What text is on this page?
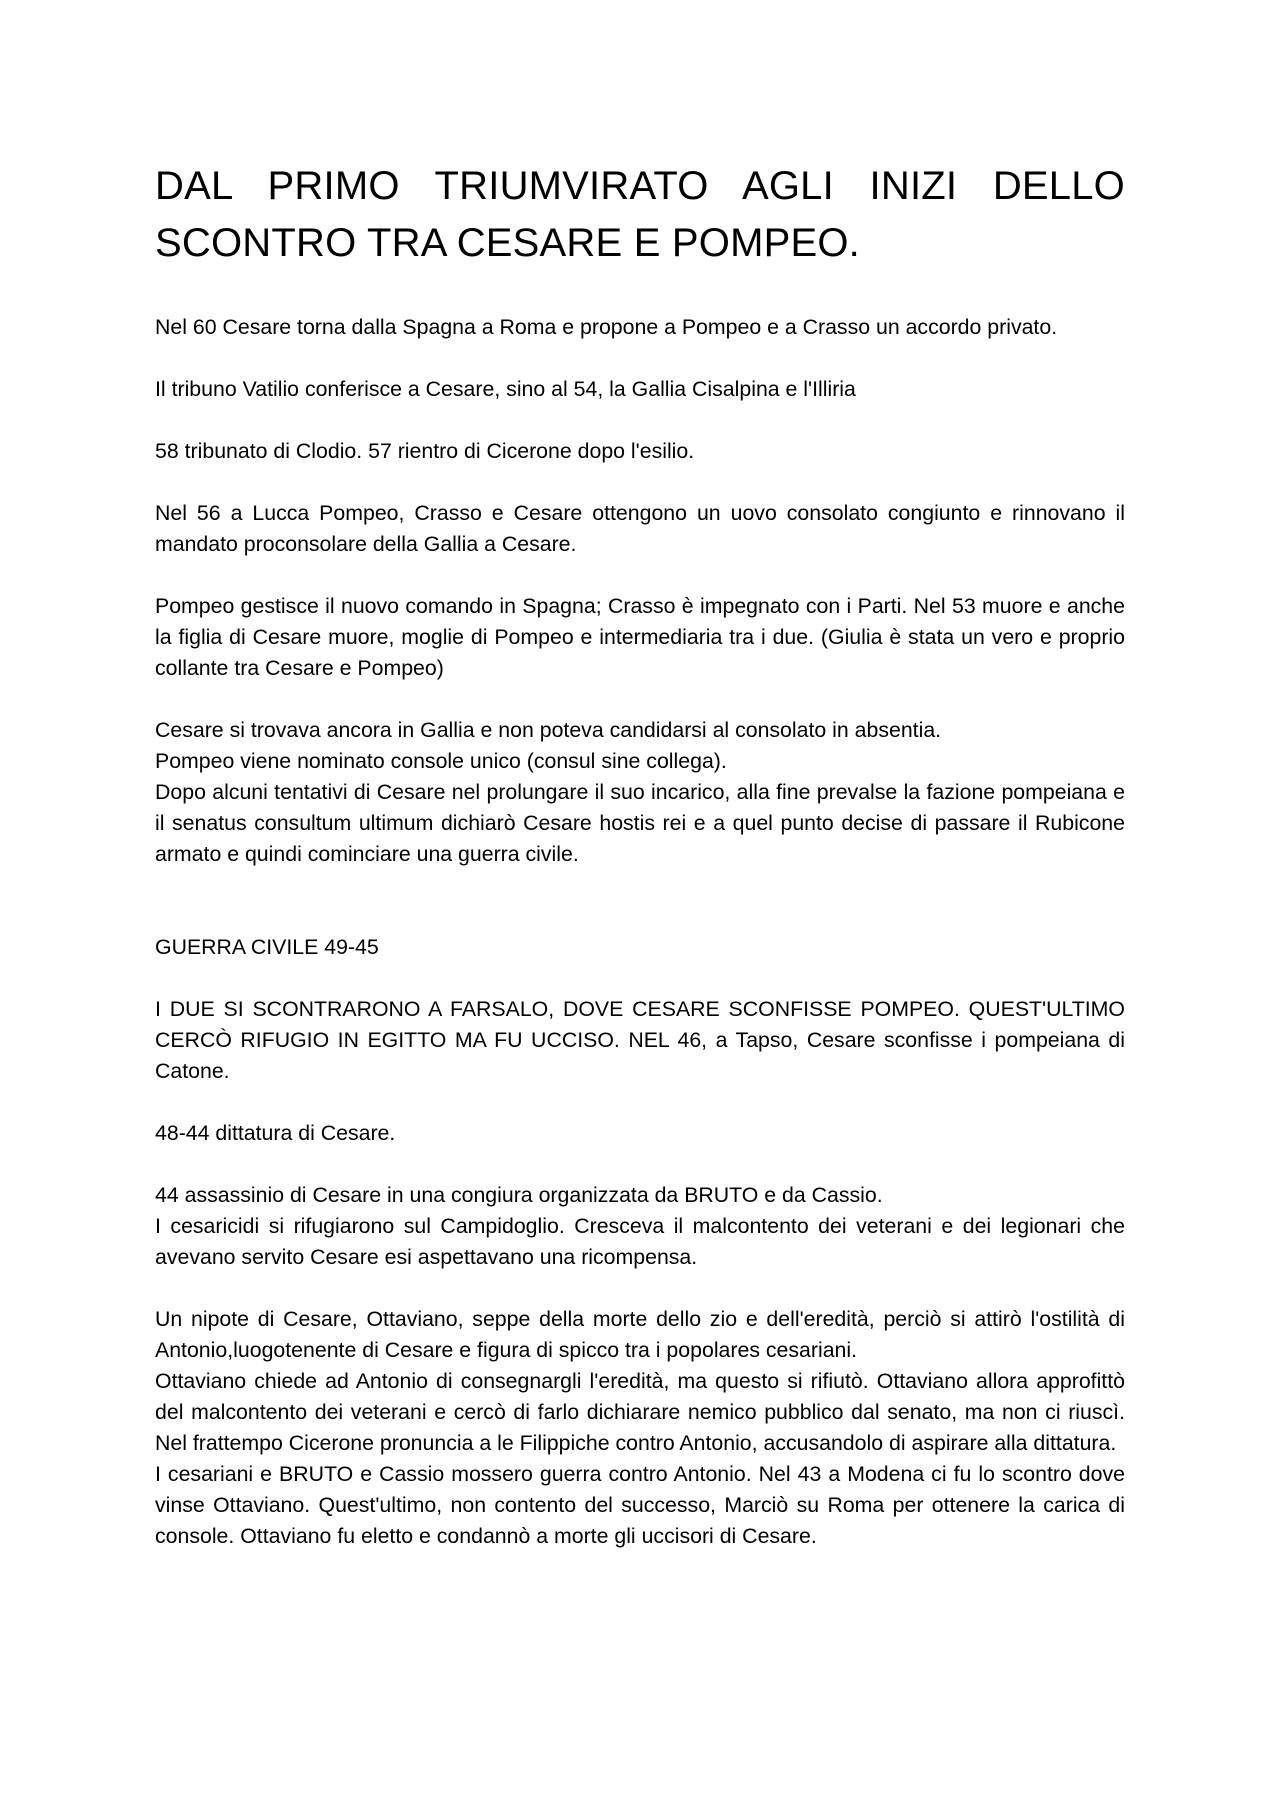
DAL PRIMO TRIUMVIRATO AGLI INIZI DELLO SCONTRO TRA CESARE E POMPEO.

Nel 60 Cesare torna dalla Spagna a Roma e propone a Pompeo e a Crasso un accordo privato.

Il tribuno Vatilio conferisce a Cesare, sino al 54, la Gallia Cisalpina e l'Illiria

58 tribunato di Clodio. 57 rientro di Cicerone dopo l'esilio.

Nel 56 a Lucca Pompeo, Crasso e Cesare ottengono un uovo consolato congiunto e rinnovano il mandato proconsolare della Gallia a Cesare.

Pompeo gestisce il nuovo comando in Spagna; Crasso è impegnato con i Parti. Nel 53 muore e anche la figlia di Cesare muore, moglie di Pompeo e intermediaria tra i due. (Giulia è stata un vero e proprio collante tra Cesare e Pompeo)

Cesare si trovava ancora in Gallia e non poteva candidarsi al consolato in absentia.

Pompeo viene nominato console unico (consul sine collega).

Dopo alcuni tentativi di Cesare nel prolungare il suo incarico, alla fine prevalse la fazione pompeiana e il senatus consultum ultimum dichiarò Cesare hostis rei e a quel punto decise di passare il Rubicone armato e quindi cominciare una guerra civile.

GUERRA CIVILE 49-45

I DUE SI SCONTRARONO A FARSALO, DOVE CESARE SCONFISSE POMPEO. QUEST'ULTIMO CERCÒ RIFUGIO IN EGITTO MA FU UCCISO. NEL 46, a Tapso, Cesare sconfisse i pompeiana di Catone.

48-44 dittatura di Cesare.

44 assassinio di Cesare in una congiura organizzata da BRUTO e da Cassio.

I cesaricidi si rifugiarono sul Campidoglio. Cresceva il malcontento dei veterani e dei legionari che avevano servito Cesare esi aspettavano una ricompensa.

Un nipote di Cesare, Ottaviano, seppe della morte dello zio e dell'eredità, perciò si attirò l'ostilità di Antonio,luogotenente di Cesare e figura di spicco tra i popolares cesariani.

Ottaviano chiede ad Antonio di consegnargli l'eredità, ma questo si rifiutò. Ottaviano allora approfittò del malcontento dei veterani e cercò di farlo dichiarare nemico pubblico dal senato, ma non ci riuscì. Nel frattempo Cicerone pronuncia a le Filippiche contro Antonio, accusandolo di aspirare alla dittatura.

I cesariani e BRUTO e Cassio mossero guerra contro Antonio. Nel 43 a Modena ci fu lo scontro dove vinse Ottaviano. Quest'ultimo, non contento del successo, Marciò su Roma per ottenere la carica di console. Ottaviano fu eletto e condannò a morte gli uccisori di Cesare.
